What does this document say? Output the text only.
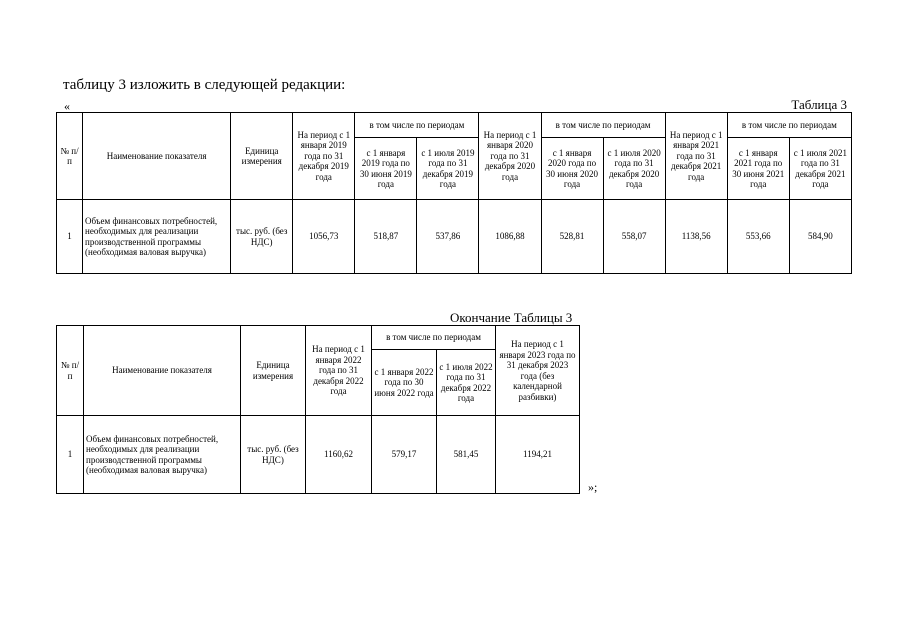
таблицу 3 изложить в следующей редакции:
«	Таблица 3
№ п/п	Наименование показателя	Единица измерения	На период с 1 января 2019 года по 31 декабря 2019 года	в том числе по периодам		На период с 1 января 2020 года по 31 декабря 2020 года	в том числе по периодам		На период с 1 января 2021 года по 31 декабря 2021 года	в том числе по периодам	
				с 1 января 2019 года по 30 июня 2019 года	с 1 июля 2019 года по 31 декабря 2019 года		с 1 января 2020 года по 30 июня 2020 года	с 1 июля 2020 года по 31 декабря 2020 года		с 1 января 2021 года по 30 июня 2021 года	с 1 июля 2021 года по 31 декабря 2021 года
1	Объем финансовых потребностей, необходимых для реализации производственной программы (необходимая валовая выручка)	тыс. руб. (без НДС)	1056,73	518,87	537,86	1086,88	528,81	558,07	1138,56	553,66	584,90
Окончание Таблицы 3
№ п/п	Наименование показателя	Единица измерения	На период с 1 января 2022 года по 31 декабря 2022 года	в том числе по периодам		На период с 1 января 2023 года по 31 декабря 2023 года (без календарной разбивки)
				с 1 января 2022 года по 30 июня 2022 года	с 1 июля 2022 года по 31 декабря 2022 года	
1	Объем финансовых потребностей, необходимых для реализации производственной программы (необходимая валовая выручка)	тыс. руб. (без НДС)	1160,62	579,17	581,45	1194,21
»;
